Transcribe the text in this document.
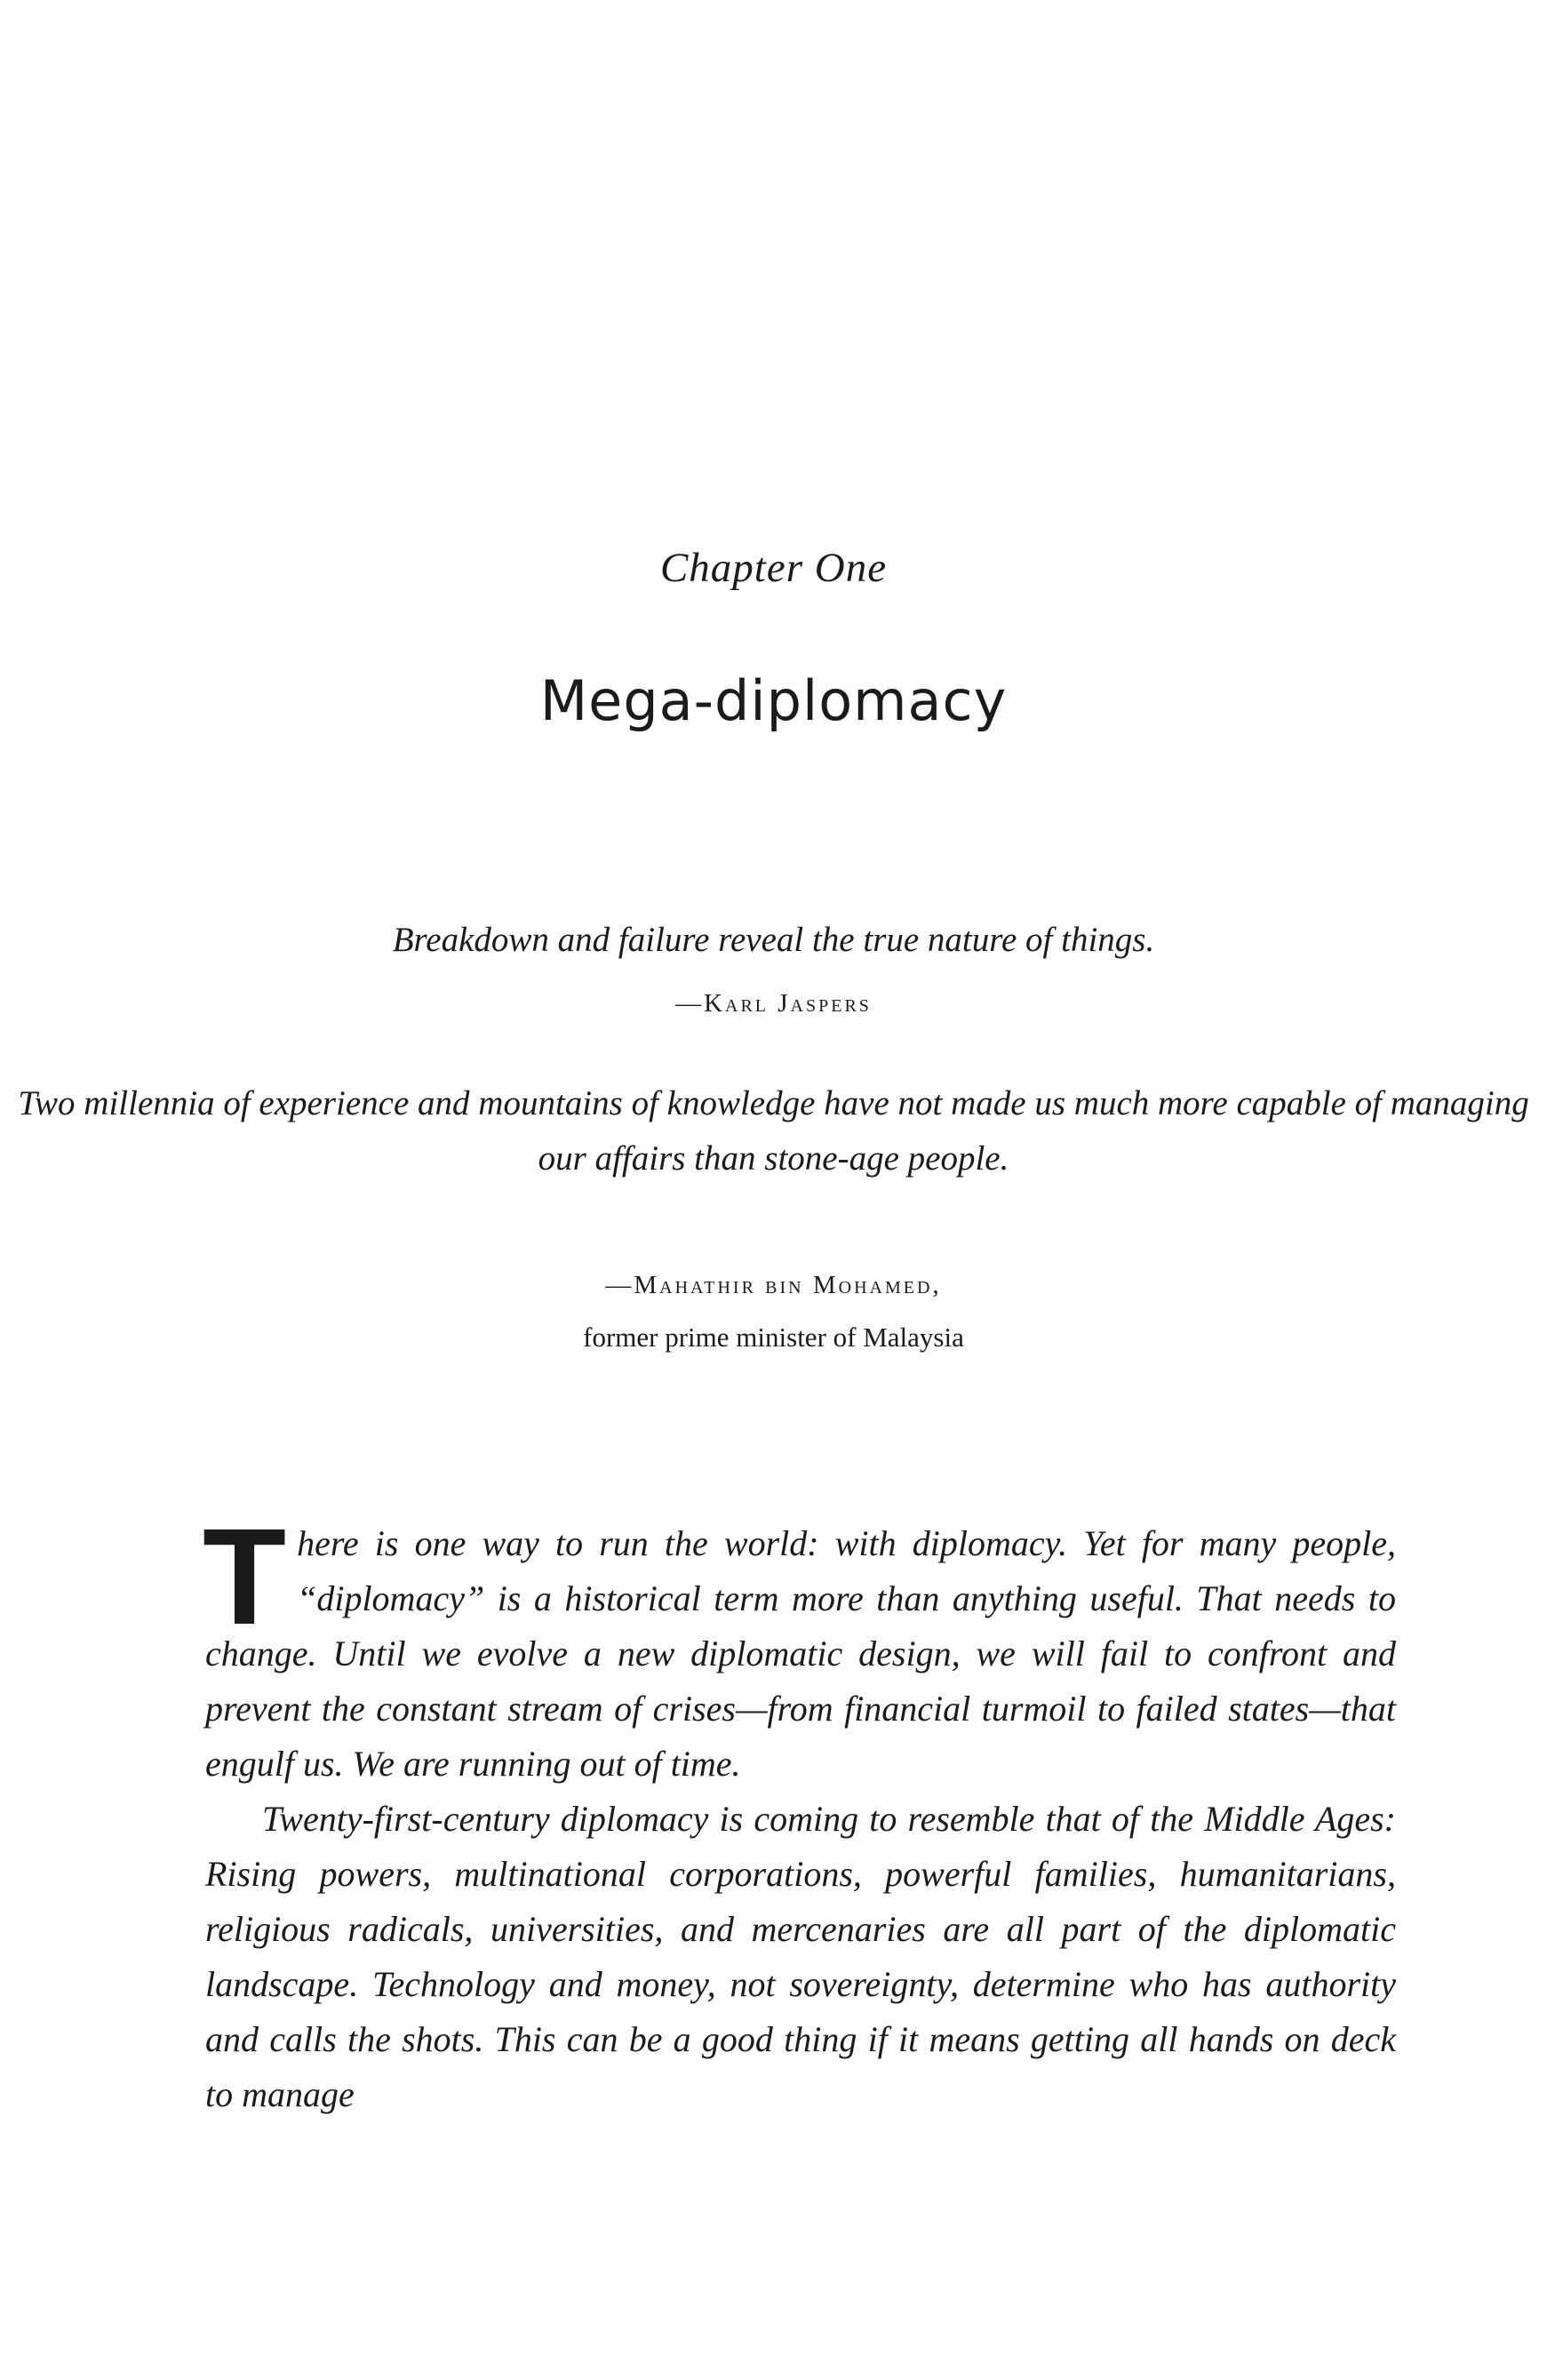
Chapter One
Mega-diplomacy
Breakdown and failure reveal the true nature of things.
—Karl Jaspers
Two millennia of experience and mountains of knowledge have not made us much more capable of managing our affairs than stone-age people.
—Mahathir bin Mohamed,
former prime minister of Malaysia

T here is one way to run the world: with diplomacy. Yet for many people, “diplomacy” is a historical term more than anything useful. That needs to change. Until we evolve a new diplomatic design, we will fail to confront and prevent the constant stream of crises—from financial turmoil to failed states—that engulf us. We are running out of time.

Twenty-first-century diplomacy is coming to resemble that of the Middle Ages: Rising powers, multinational corporations, powerful families, humanitarians, religious radicals, universities, and mercenaries are all part of the diplomatic landscape. Technology and money, not sovereignty, determine who has authority and calls the shots. This can be a good thing if it means getting all hands on deck to manage
